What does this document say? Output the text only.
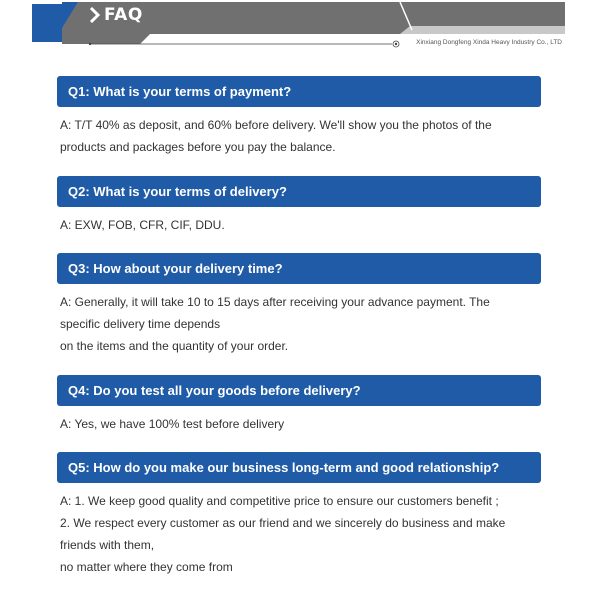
FAQ
Xinxiang Dongfeng Xinda Heavy Industry Co., LTD
Q1: What is your terms of payment?
A: T/T 40% as deposit, and 60% before delivery. We'll show you the photos of the
products and packages before you pay the balance.
Q2: What is your terms of delivery?
A: EXW, FOB, CFR, CIF, DDU.
Q3: How about your delivery time?
A: Generally, it will take 10 to 15 days after receiving your advance payment. The
specific delivery time depends
on the items and the quantity of your order.
Q4: Do you test all your goods before delivery?
A: Yes, we have 100% test before delivery
Q5: How do you make our business long-term and good relationship?
A: 1. We keep good quality and competitive price to ensure our customers benefit ;
2. We respect every customer as our friend and we sincerely do business and make
friends with them,
no matter where they come from
